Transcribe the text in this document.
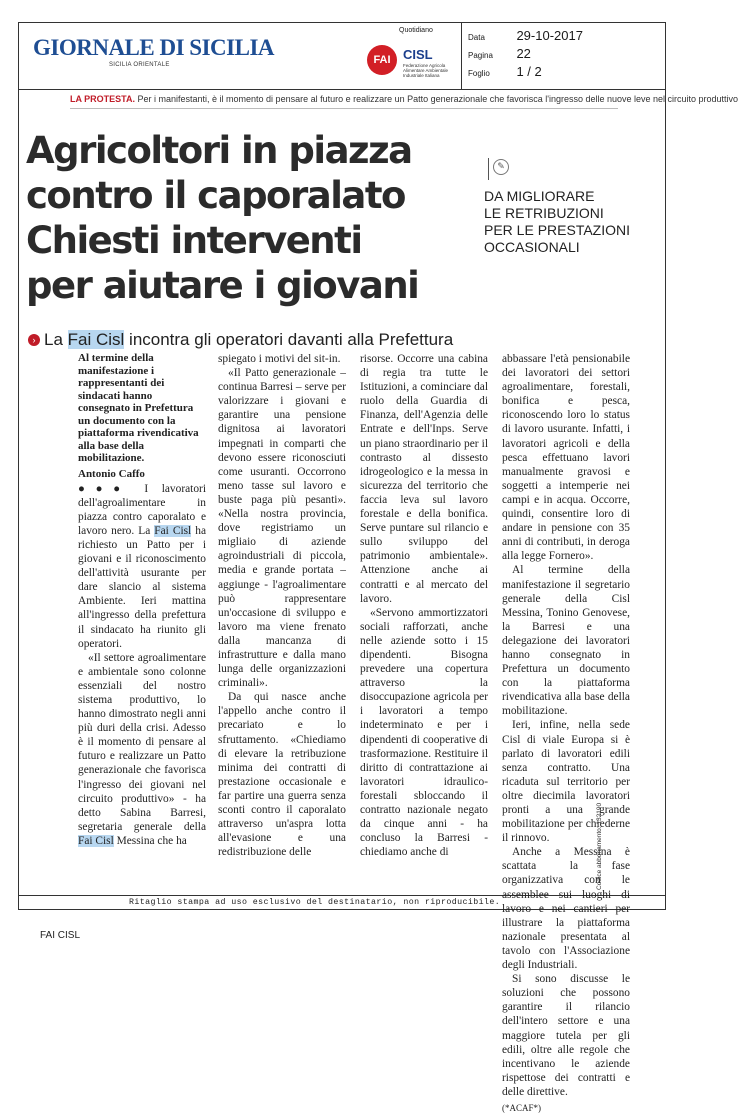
GIORNALE DI SICILIA
SICILIA ORIENTALE
Quotidiano
FAI CISL
Federazione Agricola Alimentare Ambientale Industriale Italiana
Data 29-10-2017
Pagina 22
Foglio 1 / 2
Ritaglio stampa ad uso esclusivo del destinatario, non riproducibile.
LA PROTESTA. Per i manifestanti, è il momento di pensare al futuro e realizzare un Patto generazionale che favorisca l'ingresso delle nuove leve nel circuito produttivo
Agricoltori in piazza
contro il caporalato
Chiesti interventi
per aiutare i giovani
✎
DA MIGLIORARE
LE RETRIBUZIONI
PER LE PRESTAZIONI
OCCASIONALI
› La Fai Cisl incontra gli operatori davanti alla Prefettura

Al termine della manifestazione i rappresentanti dei sindacati hanno consegnato in Prefettura un documento con la piattaforma rivendicativa alla base della mobilitazione.

Antonio Caffo

●●● I lavoratori dell'agroalimentare in piazza contro caporalato e lavoro nero. La Fai Cisl ha richiesto un Patto per i giovani e il riconoscimento dell'attività usurante per dare slancio al sistema Ambiente. Ieri mattina all'ingresso della prefettura il sindacato ha riunito gli operatori.

«Il settore agroalimentare e ambientale sono colonne essenziali del nostro sistema produttivo, lo hanno dimostrato negli anni più duri della crisi. Adesso è il momento di pensare al futuro e realizzare un Patto generazionale che favorisca l'ingresso dei giovani nel circuito produttivo» - ha detto Sabina Barresi, segretaria generale della Fai Cisl Messina che ha

spiegato i motivi del sit-in.

«Il Patto generazionale – continua Barresi – serve per valorizzare i giovani e garantire una pensione dignitosa ai lavoratori impegnati in comparti che devono essere riconosciuti come usuranti. Occorrono meno tasse sul lavoro e buste paga più pesanti». «Nella nostra provincia, dove registriamo un migliaio di aziende agroindustriali di piccola, media e grande portata – aggiunge - l'agroalimentare può rappresentare un'occasione di sviluppo e lavoro ma viene frenato dalla mancanza di infrastrutture e dalla mano lunga delle organizzazioni criminali».

Da qui nasce anche l'appello anche contro il precariato e lo sfruttamento. «Chiediamo di elevare la retribuzione minima dei contratti di prestazione occasionale e far partire una guerra senza sconti contro il caporalato attraverso un'aspra lotta all'evasione e una redistribuzione delle

risorse. Occorre una cabina di regia tra tutte le Istituzioni, a cominciare dal ruolo della Guardia di Finanza, dell'Agenzia delle Entrate e dell'Inps. Serve un piano straordinario per il contrasto al dissesto idrogeologico e la messa in sicurezza del territorio che faccia leva sul lavoro forestale e della bonifica. Serve puntare sul rilancio e sullo sviluppo del patrimonio ambientale». Attenzione anche ai contratti e al mercato del lavoro.

«Servono ammortizzatori sociali rafforzati, anche nelle aziende sotto i 15 dipendenti. Bisogna prevedere una copertura attraverso la disoccupazione agricola per i lavoratori a tempo indeterminato e per i dipendenti di cooperative di trasformazione. Restituire il diritto di contrattazione ai lavoratori idraulico-forestali sbloccando il contratto nazionale negato da cinque anni - ha concluso la Barresi - chiediamo anche di

abbassare l'età pensionabile dei lavoratori dei settori agroalimentare, forestali, bonifica e pesca, riconoscendo loro lo status di lavoro usurante. Infatti, i lavoratori agricoli e della pesca effettuano lavori manualmente gravosi e soggetti a intemperie nei campi e in acqua. Occorre, quindi, consentire loro di andare in pensione con 35 anni di contributi, in deroga alla legge Fornero».

Al termine della manifestazione il segretario generale della Cisl Messina, Tonino Genovese, la Barresi e una delegazione dei lavoratori hanno consegnato in Prefettura un documento con la piattaforma rivendicativa alla base della mobilitazione.

Ieri, infine, nella sede Cisl di viale Europa si è parlato di lavoratori edili senza contratto. Una ricaduta sul territorio per oltre diecimila lavoratori pronti a una grande mobilitazione per chiederne il rinnovo.

Anche a Messina è scattata la fase organizzativa con le assemblee sui luoghi di lavoro e nei cantieri per illustrare la piattaforma nazionale presentata al tavolo con l'Associazione degli Industriali.

Si sono discusse le soluzioni che possono garantire il rilancio dell'intero settore e una maggiore tutela per gli edili, oltre alle regole che incentivano le aziende rispettose dei contratti e delle direttive.

(*ACAF*)

Codice abbonamento: 132190
FAI CISL
